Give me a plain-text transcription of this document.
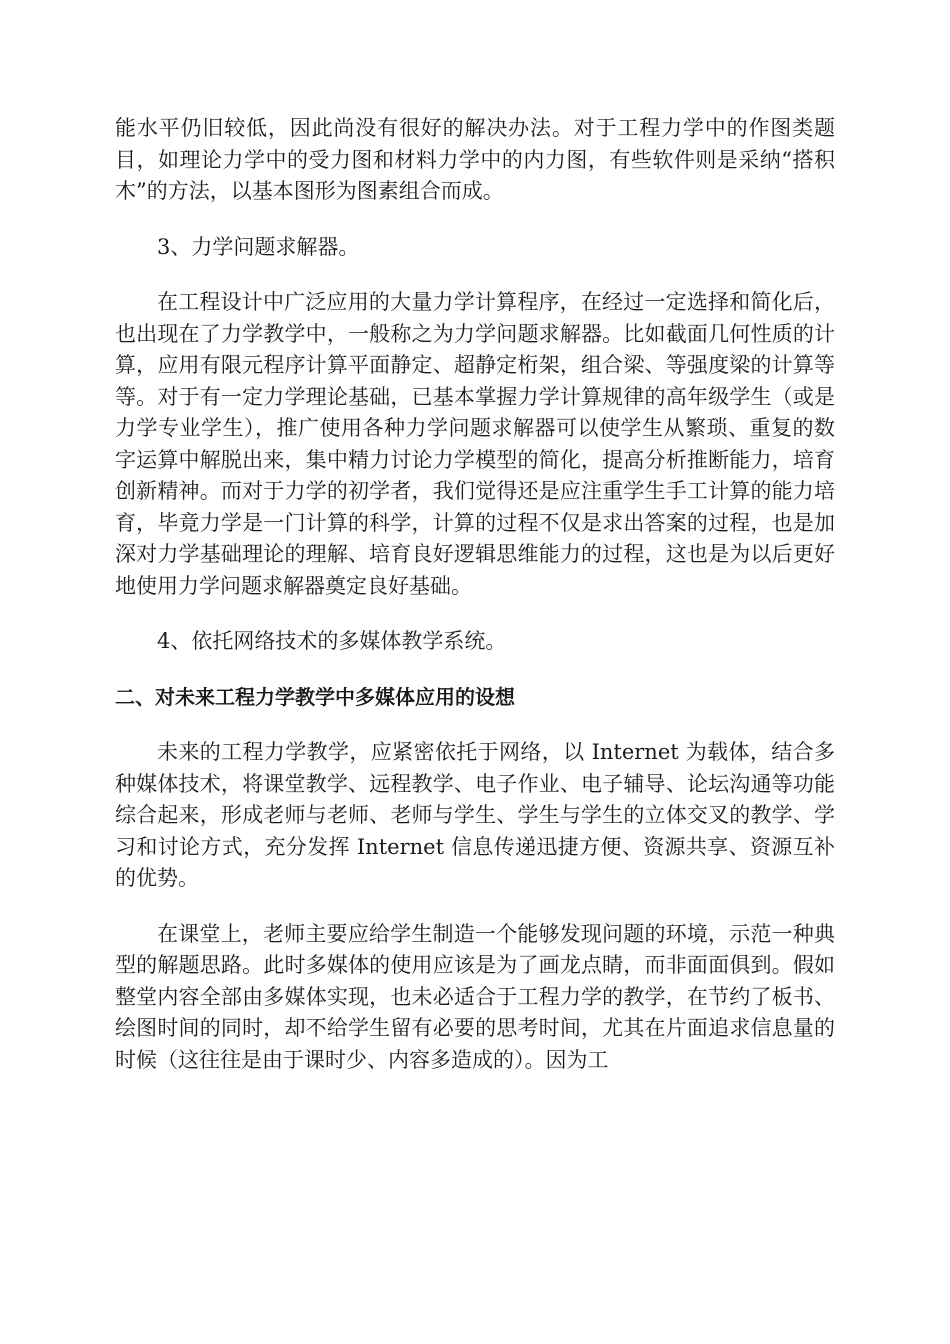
能水平仍旧较低，因此尚没有很好的解决办法。对于工程力学中的作图类题目，如理论力学中的受力图和材料力学中的内力图，有些软件则是采纳“搭积木”的方法，以基本图形为图素组合而成。

3、力学问题求解器。

在工程设计中广泛应用的大量力学计算程序，在经过一定选择和简化后，也出现在了力学教学中，一般称之为力学问题求解器。比如截面几何性质的计算，应用有限元程序计算平面静定、超静定桁架，组合梁、等强度梁的计算等等。对于有一定力学理论基础，已基本掌握力学计算规律的高年级学生（或是力学专业学生），推广使用各种力学问题求解器可以使学生从繁琐、重复的数字运算中解脱出来，集中精力讨论力学模型的简化，提高分析推断能力，培育创新精神。而对于力学的初学者，我们觉得还是应注重学生手工计算的能力培育，毕竟力学是一门计算的科学，计算的过程不仅是求出答案的过程，也是加深对力学基础理论的理解、培育良好逻辑思维能力的过程，这也是为以后更好地使用力学问题求解器奠定良好基础。

4、依托网络技术的多媒体教学系统。

二、对未来工程力学教学中多媒体应用的设想

未来的工程力学教学，应紧密依托于网络，以 Internet 为载体，结合多种媒体技术，将课堂教学、远程教学、电子作业、电子辅导、论坛沟通等功能综合起来，形成老师与老师、老师与学生、学生与学生的立体交叉的教学、学习和讨论方式，充分发挥 Internet 信息传递迅捷方便、资源共享、资源互补的优势。

在课堂上，老师主要应给学生制造一个能够发现问题的环境，示范一种典型的解题思路。此时多媒体的使用应该是为了画龙点睛，而非面面俱到。假如整堂内容全部由多媒体实现，也未必适合于工程力学的教学，在节约了板书、绘图时间的同时，却不给学生留有必要的思考时间，尤其在片面追求信息量的时候（这往往是由于课时少、内容多造成的）。因为工
